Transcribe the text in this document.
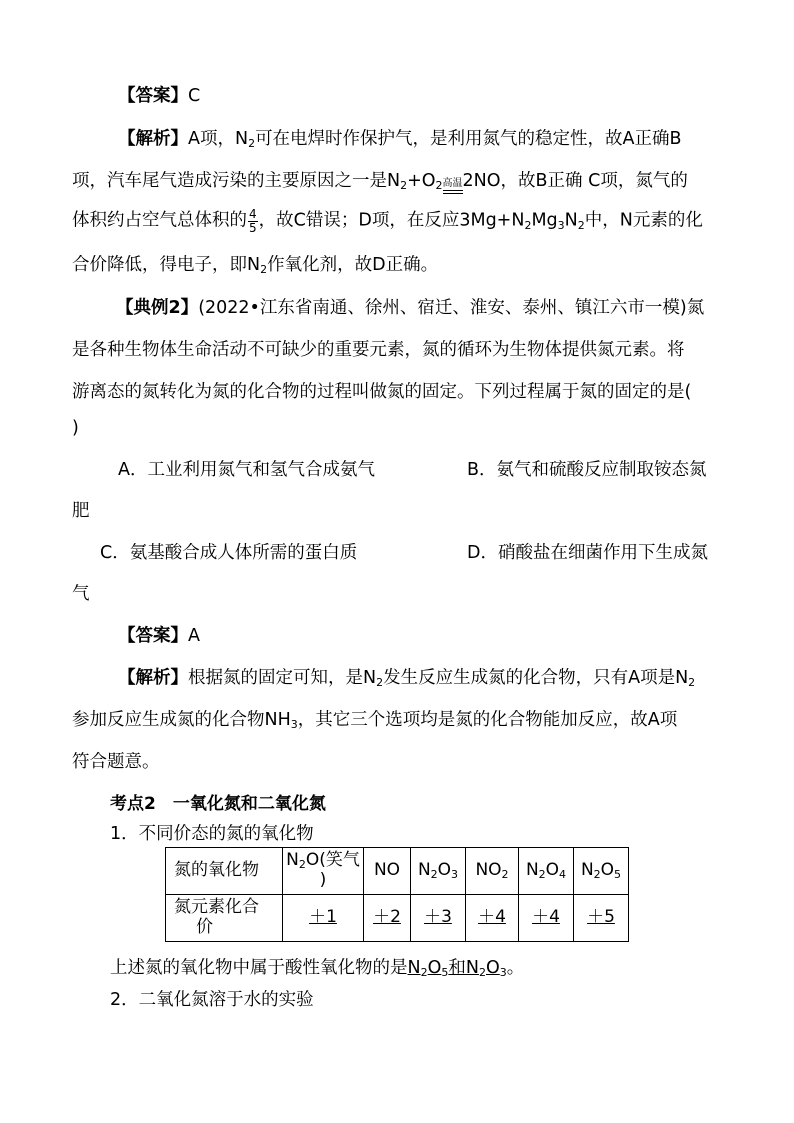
【答案】C
【解析】A项，$N_2$可在电焊时作保护气，是利用氮气的稳定性，故A正确B
项，汽车尾气造成污染的主要原因之一是$N_2+O_2$ 高温 2NO，故B正确 C项，氮气的
体积约占空气总体积的 $\frac{4}{5}$ ，故C错误；D项，在反应$3Mg+N_2Mg_3N_2$中，N元素的化
合价降低，得电子，即$N_2$作氧化剂，故D正确。
【典例2】(2022•江东省南通、徐州、宿迁、淮安、泰州、镇江六市一模)氮
是各种生物体生命活动不可缺少的重要元素，氮的循环为生物体提供氮元素。将
游离态的氮转化为氮的化合物的过程叫做氮的固定。下列过程属于氮的固定的是(
)
A．工业利用氮气和氢气合成氨气	B．氨气和硫酸反应制取铵态氮
肥
C．氨基酸合成人体所需的蛋白质	D．硝酸盐在细菌作用下生成氮
气
【答案】A
【解析】根据氮的固定可知，是$N_2$发生反应生成氮的化合物，只有A项是$N_2$
参加反应生成氮的化合物$NH_3$，其它三个选项均是氮的化合物能加反应，故A项
符合题意。
考点2　一氧化氮和二氧化氮
1．不同价态的氮的氧化物
氮的氧化物	$N_2O$(笑气
)	NO	$N_2O_3$	$NO_2$	$N_2O_4$	$N_2O_5$
氮元素化合
价	＋1	＋2	＋3	＋4	＋4	＋5
上述氮的氧化物中属于酸性氧化物的是$N_2O_5$和$N_2O_3$。
2．二氧化氮溶于水的实验
